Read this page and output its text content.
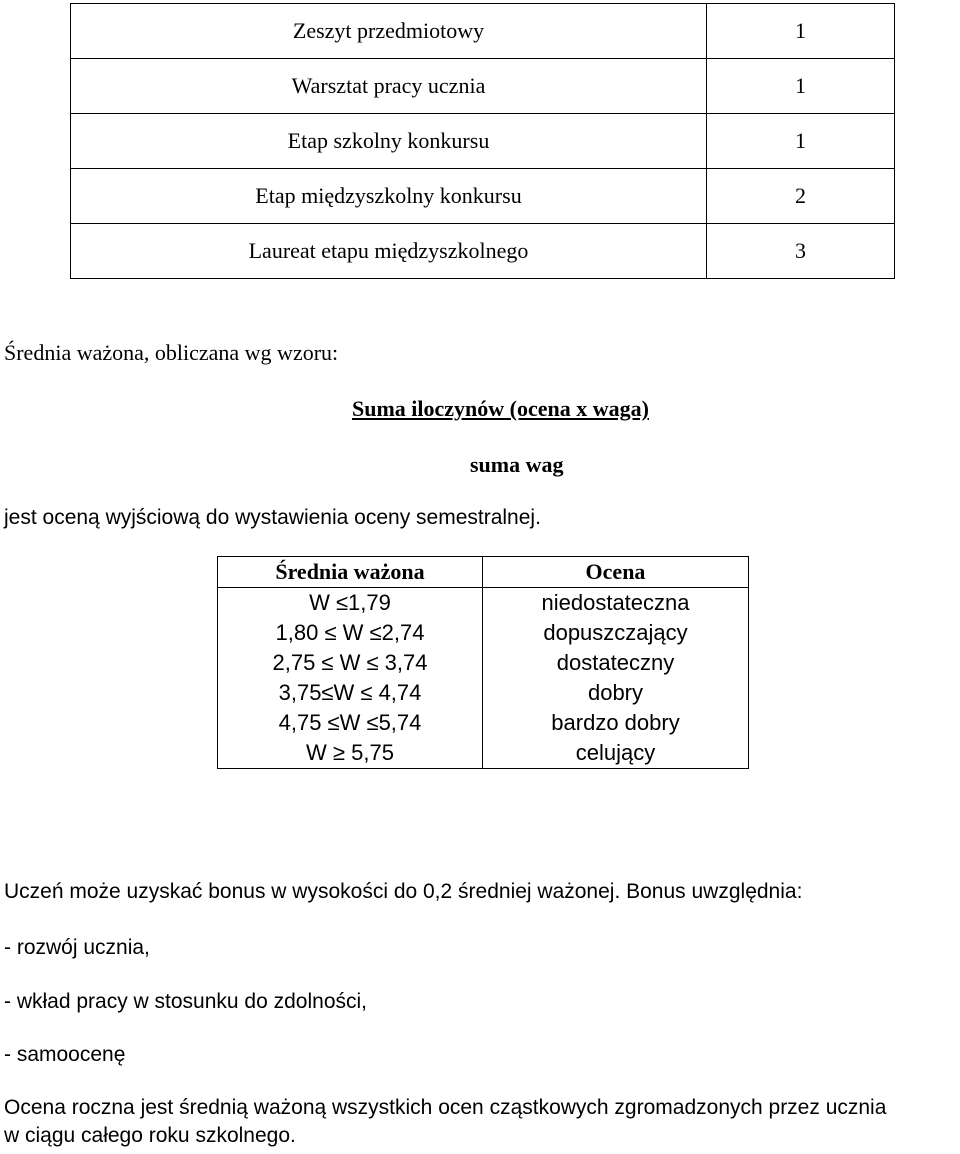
Zeszyt przedmiotowy	1
Warsztat pracy ucznia	1
Etap szkolny konkursu	1
Etap międzyszkolny konkursu	2
Laureat etapu międzyszkolnego	3
Średnia ważona, obliczana wg wzoru:
Suma iloczynów (ocena x waga)
suma wag
jest oceną wyjściową do wystawienia oceny semestralnej.
Średnia ważona	Ocena
W ≤1,79	niedostateczna
1,80 ≤ W ≤2,74	dopuszczający
2,75 ≤ W ≤ 3,74	dostateczny
3,75≤W ≤ 4,74	dobry
4,75 ≤W ≤5,74	bardzo dobry
W ≥ 5,75	celujący
Uczeń może uzyskać bonus w wysokości do 0,2 średniej ważonej. Bonus uwzględnia:
- rozwój ucznia,
- wkład pracy w stosunku do zdolności,
- samoocenę
Ocena roczna jest średnią ważoną wszystkich ocen cząstkowych zgromadzonych przez ucznia
w ciągu całego roku szkolnego.
